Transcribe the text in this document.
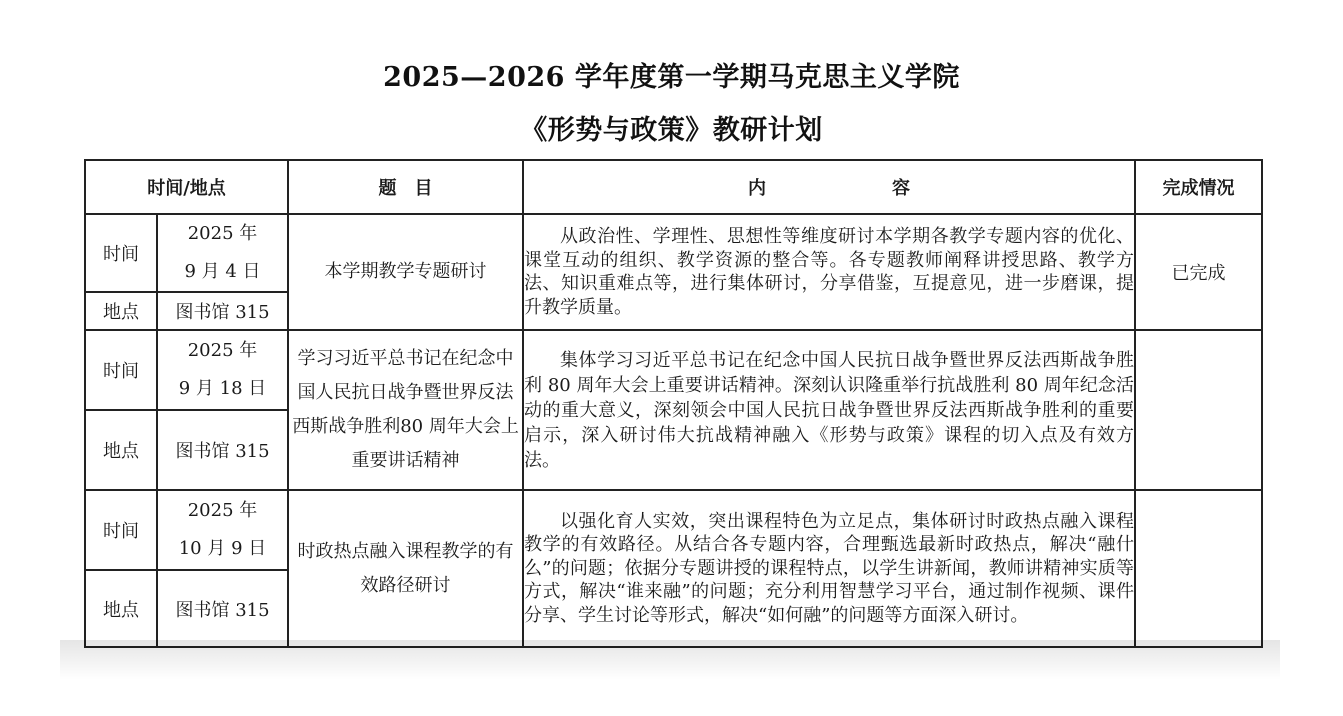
2025—2026 学年度第一学期马克思主义学院
《形势与政策》教研计划
时间/地点		题　目	内　　　　　　　容	完成情况
时间	2025 年
9 月 4 日	本学期教学专题研讨	从政治性、学理性、思想性等维度研讨本学期各教学专题内容的优化、课堂互动的组织、教学资源的整合等。各专题教师阐释讲授思路、教学方法、知识重难点等，进行集体研讨，分享借鉴，互提意见，进一步磨课，提升教学质量。	已完成
地点	图书馆 315			
时间	2025 年
9 月 18 日	学习习近平总书记在纪念中国人民抗日战争暨世界反法西斯战争胜利80 周年大会上重要讲话精神	集体学习习近平总书记在纪念中国人民抗日战争暨世界反法西斯战争胜利 80 周年大会上重要讲话精神。深刻认识隆重举行抗战胜利 80 周年纪念活动的重大意义，深刻领会中国人民抗日战争暨世界反法西斯战争胜利的重要启示，深入研讨伟大抗战精神融入《形势与政策》课程的切入点及有效方法。	
地点	图书馆 315			
时间	2025 年
10 月 9 日	时政热点融入课程教学的有效路径研讨	以强化育人实效，突出课程特色为立足点，集体研讨时政热点融入课程教学的有效路径。从结合各专题内容，合理甄选最新时政热点，解决“融什么”的问题；依据分专题讲授的课程特点，以学生讲新闻，教师讲精神实质等方式，解决“谁来融”的问题；充分利用智慧学习平台，通过制作视频、课件分享、学生讨论等形式，解决“如何融”的问题等方面深入研讨。	
地点	图书馆 315			
